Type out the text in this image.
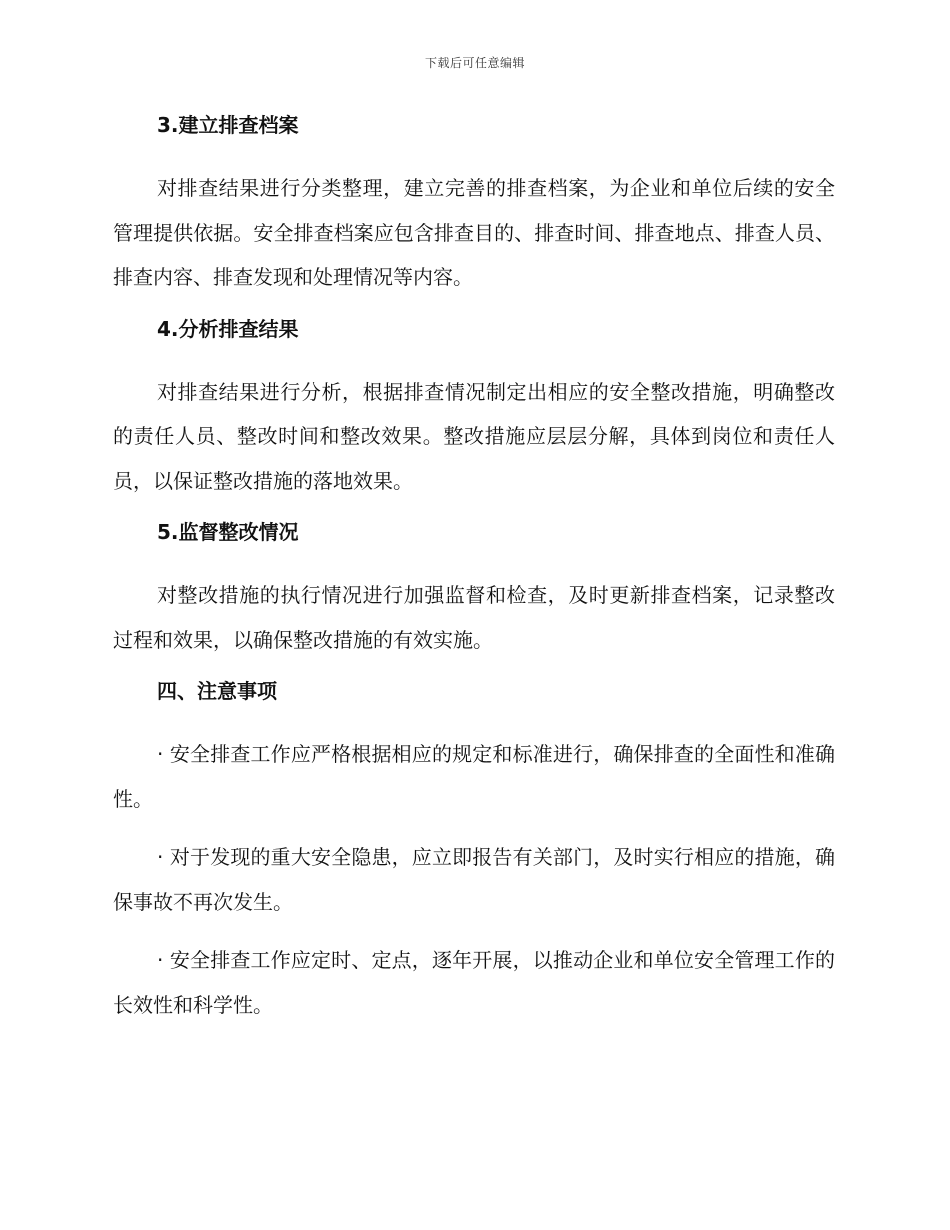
下载后可任意编辑
3.建立排查档案

对排查结果进行分类整理，建立完善的排查档案，为企业和单位后续的安全管理提供依据。安全排查档案应包含排查目的、排查时间、排查地点、排查人员、排查内容、排查发现和处理情况等内容。

4.分析排查结果

对排查结果进行分析，根据排查情况制定出相应的安全整改措施，明确整改的责任人员、整改时间和整改效果。整改措施应层层分解，具体到岗位和责任人员，以保证整改措施的落地效果。

5.监督整改情况

对整改措施的执行情况进行加强监督和检查，及时更新排查档案，记录整改过程和效果，以确保整改措施的有效实施。

四、注意事项

· 安全排查工作应严格根据相应的规定和标准进行，确保排查的全面性和准确性。

· 对于发现的重大安全隐患，应立即报告有关部门，及时实行相应的措施，确保事故不再次发生。

· 安全排查工作应定时、定点，逐年开展，以推动企业和单位安全管理工作的长效性和科学性。
